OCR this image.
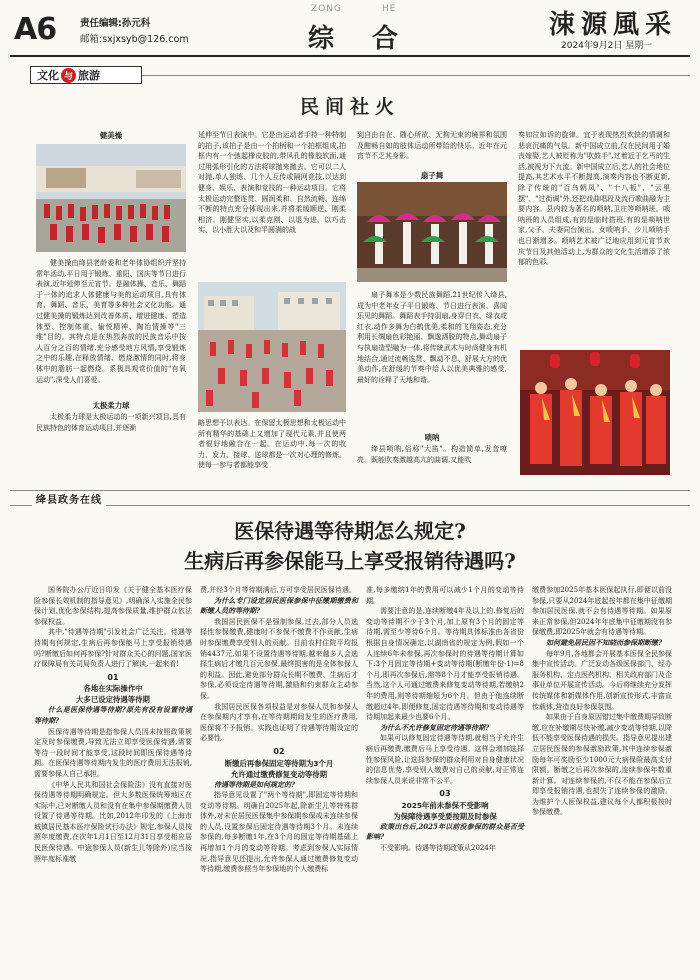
A6	责任编辑:孙元科
邮箱:sxjxsyb@126.com
ZONG	HE
综 合	涑源風采
2024年9月2日 星期一
文化 与 旅游
民间社火
健美操

健美操由绛县老龄委和老年体协组织并坚持常年活动,平日用于锻炼、重阳、国庆等节日进行表演,近年延伸至元宵节。是融体操、音乐、舞蹈于一体的追求人体健康与美的运动项目,具有体育、舞蹈、音乐、美育等多种社会文化功能。通过健美操的锻炼达到改善体质、增进健康、塑造体型、控制体重、愉悦精神、陶冶情操等"三维"目的。其特点是在热烈奔放的民族音乐中按人百分之百的情绪,充分感受地方风情,享受锻炼之中的乐趣,在释放情绪、燃烧激情的同时,将身体中的脂肪一起燃烧。系极具观赏价值的"有氧运动",深受人们喜爱。

太极柔力球

太极柔力球是太极运动的一项新兴项目,具有民族特色的体育运动项目,并逐渐

延伸至节日表演中。它是由运动者手持一种特制的拍子,该拍子是由一个拍柄和一个拍框组成,拍框内有一个弛起橡皮胶的,带风孔的橡胶软面,通过用弧形引化的方法将球抛来抛去。它可以二人对抛,单人独练、几个人互传或隔网竞技,以达到健身、娱乐、表演和竞技的一种运动项目。它将太极运动完整连贯、圆润柔和、自然流畅、连绵不断的特点充分体现出来,并将柔缓顺逆、刚柔相济、刚健坚实,以柔克刚、以退为进、以巧击实、以小胜大以及和平圆满的战

略思想予以表达。在保留太极思想和太极运动中所有精华的基础上又增加了现代元素,并且使两者很好地融合在一起。在运动中,每一次的收力、发力、接球、送球都是一次对心理的修炼。使每一参与者都能享受

到自由自在、随心所欲、无拘无束的境界和氛围及酣畅自如的肢体运动所带给的快乐。近年在元宵节不乏其身影。

扇子舞

扇子舞本是少数民族舞蹈,21世纪传入绛县,成为中老年女子平日锻炼、节日进行表演、喜闻乐见的舞蹈。舞蹈表手持羽扇,身穿白衣、绿衣或红衣,动作多舞为白鹤优美,柔和的飞翔姿态,充分利用长绸扇色彩艳丽、飘逸洒脱的特点,舞动扇子与执扇造型融为一体,将传统武术与时尚健身有机地结合,通过流畅连贯、飘动不息、舒展大方的优美动作,在舒缓的节奏中给人以优美典雅的感受,最好的诠释了天地和谐。

唢呐

绛县唢呐,俗称"大笛"。构造简单,发音嘹亮。既能吹奏激越高亢的曲调,又能吹

奏如泣如诉的旋律。宜于表现热烈欢快的情调和悲哀沉痛的气氛。新中国成立前,仅在民间用于婚丧嫁娶,艺人被贬称为"吹鼓手",过着近于乞丐的生活,被视为下九流。新中国成立后,艺人的社会地位提高,其艺术水平不断提高,演奏内容也不断更新,除了传统的"百鸟朝凤"、"十八板"、"云里摆"、"过街调"外,还把戏曲唱段及流行歌曲融为主要内容。县内较为著名的唢呐,卫庄等唢呐班。唢呐班的人员组成,有的是临时搭班,有的是唢呐世家,父子、夫妻同台演出。女唢呐手、少儿唢呐手也日渐增多。唢呐艺术被广泛地应用到元宵节欢庆节日及其他活动上,为群众的文化生活增添了浓郁的色彩。

绛县政务在线
医保待遇等待期怎么规定?
生病后再参保能马上享受报销待遇吗?

国务院办公厅近日印发《关于健全基本医疗保险参保长效机制的指导意见》,明确深入实施全民参保计划,优化参保结构,提高参保质量,维护群众依法参保权益。

其中,"待遇等待期"引发社会广泛关注。待遇等待期有何规定,生病后再参保能马上享受报销待遇吗?断缴后如何再参保?针对群众关心的问题,国家医疗保障局有关司局负责人进行了解读,一起来看!

01
各地在实际操作中
大多已设定待遇等待期

什么是医保待遇等待期?原先有没有设置待遇等待期?

医保待遇等待期是指参保人员因未按照政策规定及时参保缴费,导致无法立即享受医保待遇,需要等待一段时间才能享受,这段时间即医保待遇等待期。在医保待遇等待期内发生的医疗费用无法报销,需要参保人自己承担。

《中华人民共和国社会保险法》没有直接对医保待遇等待期明确规定。但大多数医保统筹地区在实际中,已对断缴人员和没有在集中参保期缴费人员设置了待遇等待期。比如,2012年印发的《上海市城镇居民基本医疗保险试行办法》规定,参保人员按照年度缴费,在次年1月1日至12月31日享受相应居民医保待遇。中途参保人员(新生儿等除外)应当按照年度标准缴

费,并经3个月等待期满后,方可享受居民医保待遇。

为什么专门设定居民医保参保中征缴期缴费和断缴人员的等待期?

我国居民医保不是强制参保,过去,部分人员选择性参保缴费,健康时不参保不缴费不作贡献,生病时参保缴费享受别人的贡献。目前农村住院平均报销4437元,如果不设置待遇等待期,越来越多人会选择生病后才缴几百元参保,最终损害的是全体参保人的利益。因此,避免部分群众长期不缴费、生病后才参保,必须设定待遇等待期,激励和约束群众主动参保。

我国居民医保各项权益是对参保人员和参保人在参保期内才享有,在等待期期间发生的医疗费用,医保将不予报销。实践也证明了待遇等待期设定的必要性。

02
断缴后再参保固定等待期为3个月
允许通过缴费修复变动等待期

待遇等待期是如何规定的?

指导意见设置了"两个等待期",即固定等待期和变动等待期。明确自2025年起,除新生儿等特殊群体外,对未在居民医保集中参保期参保或未连续参保的人员,设置参保后固定待遇等待期3个月。未连续参保的,每多断缴1年,在3个月的固定等待期基础上再增加1个月的变动等待期。考虑到参保人实际情况,指导意见还提出,允许参保人通过缴费修复变动等待期,缴费参照当年参保地的个人缴费标

准,每多缴纳1年的费用可以减少1个月的变动等待期。

需要注意的是,连续断缴4年及以上的,修复后的变动等待期不少于3个月,加上原有3个月的固定等待期,需至少等待6个月。等待期具体标准由各省份根据自身情况确定,以湖南省的规定为例,假如一个人连续6年未参保,再次参保时的待遇等待期计算如下:3个月固定等待期+变动等待期(断缴年份-1)=8个月,即再次参保后,需等8个月才能享受报销待遇。当然,这个人可通过缴费来修复变动等待期,若缴纳2年的费用,则等待期缩短为6个月。但由于他连续断缴超过4年,即便修复,固定待遇等待期和变动待遇等待期加起来最少也要6个月。

为什么不允许修复固定待遇等待期?

如果可以修复固定待遇等待期,就相当于允许生病后再缴费,缴费后马上享受待遇。这样会增加选择性参保风险,让选择参保的群众利用对自身健康状况的信息优势,享受别人缴费对自己的贡献,对正常连续参保人员来说非常不公平。

03
2025年前未参保不受影响
为保障待遇享受要按期及时参保

政策出台后,2025年以前没参保的群众是否受影响?

不受影响。待遇等待期政策从2024年

缴费参加2025年基本医保起执行,即便以前没参保,只要从2024年底起按年都在集中征缴期参加居民医保,就不会有待遇等待期。如果原来正常参保,但2024年年底集中征缴期没有参保缴费,即2025年就会有待遇等待期。

如何避免居民因不知晓而参保期断缴?

每年9月,各地都会开展基本医保全民参保集中宣传活动。广泛发动各级医保部门、经办服务机构、定点医药机构、相关政府部门及企事业单位开展宣传活动。今后将继续充分发挥传统媒体和新媒体作用,创新宣传形式,丰富宣传载体,营造良好参保氛围。

如果由于自身原因错过集中缴费期导致断缴,应在补缴期尽快补缴,减少变动等待期,以降低不能享受医保待遇的损失。指导意见提出建立居民医保的参保激励政策,其中连续参保激励每年可奖励至少1000元大病保险最高支付限额。断缴之后再次参保的,连续参保年数重新计算。对连续参保的,不仅不能在参保后立即享受报销待遇,也损失了连续参保的激励。为维护个人医保权益,建议每个人都积极按时参保缴费。
